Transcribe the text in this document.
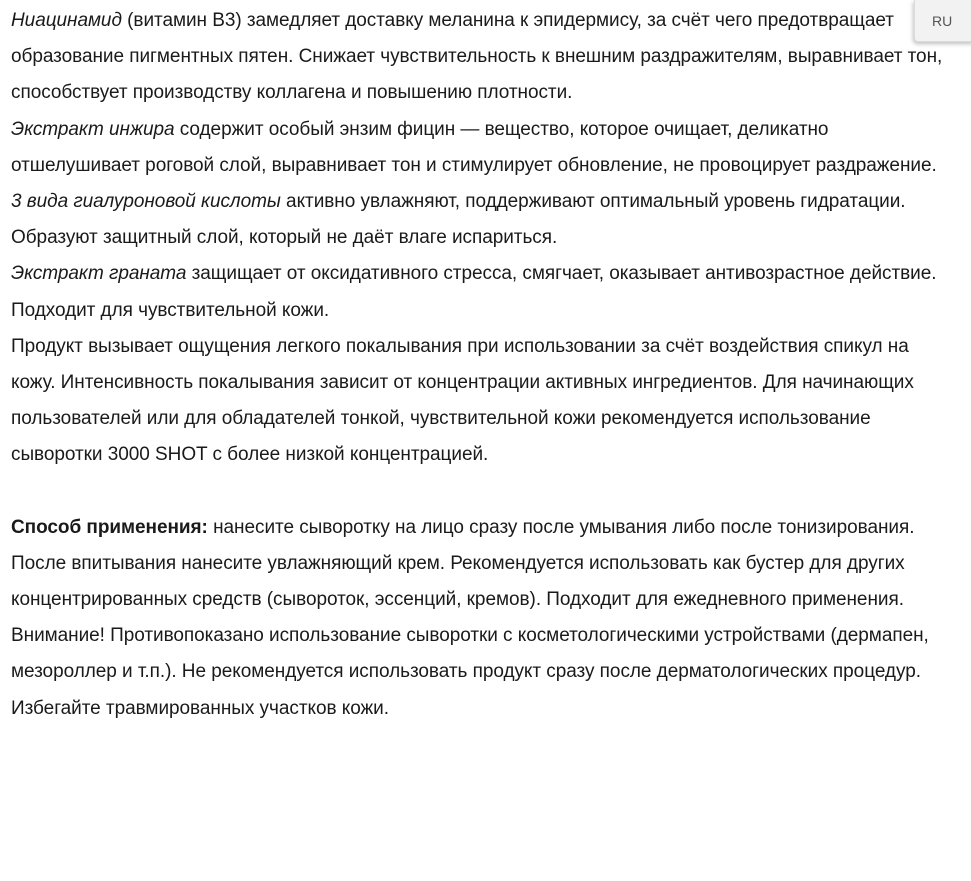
Ниацинамид (витамин В3) замедляет доставку меланина к эпидермису, за счёт чего предотвращает образование пигментных пятен. Снижает чувствительность к внешним раздражителям, выравнивает тон, способствует производству коллагена и повышению плотности.

Экстракт инжира содержит особый энзим фицин — вещество, которое очищает, деликатно отшелушивает роговой слой, выравнивает тон и стимулирует обновление, не провоцирует раздражение.

3 вида гиалуроновой кислоты активно увлажняют, поддерживают оптимальный уровень гидратации. Образуют защитный слой, который не даёт влаге испариться.

Экстракт граната защищает от оксидативного стресса, смягчает, оказывает антивозрастное действие.

Подходит для чувствительной кожи.

Продукт вызывает ощущения легкого покалывания при использовании за счёт воздействия спикул на кожу. Интенсивность покалывания зависит от концентрации активных ингредиентов. Для начинающих пользователей или для обладателей тонкой, чувствительной кожи рекомендуется использование сыворотки 3000 SHOT с более низкой концентрацией.

Способ применения: нанесите сыворотку на лицо сразу после умывания либо после тонизирования. После впитывания нанесите увлажняющий крем. Рекомендуется использовать как бустер для других концентрированных средств (сывороток, эссенций, кремов). Подходит для ежедневного применения.

Внимание! Противопоказано использование сыворотки с косметологическими устройствами (дермапен, мезороллер и т.п.). Не рекомендуется использовать продукт сразу после дерматологических процедур. Избегайте травмированных участков кожи.

RU
